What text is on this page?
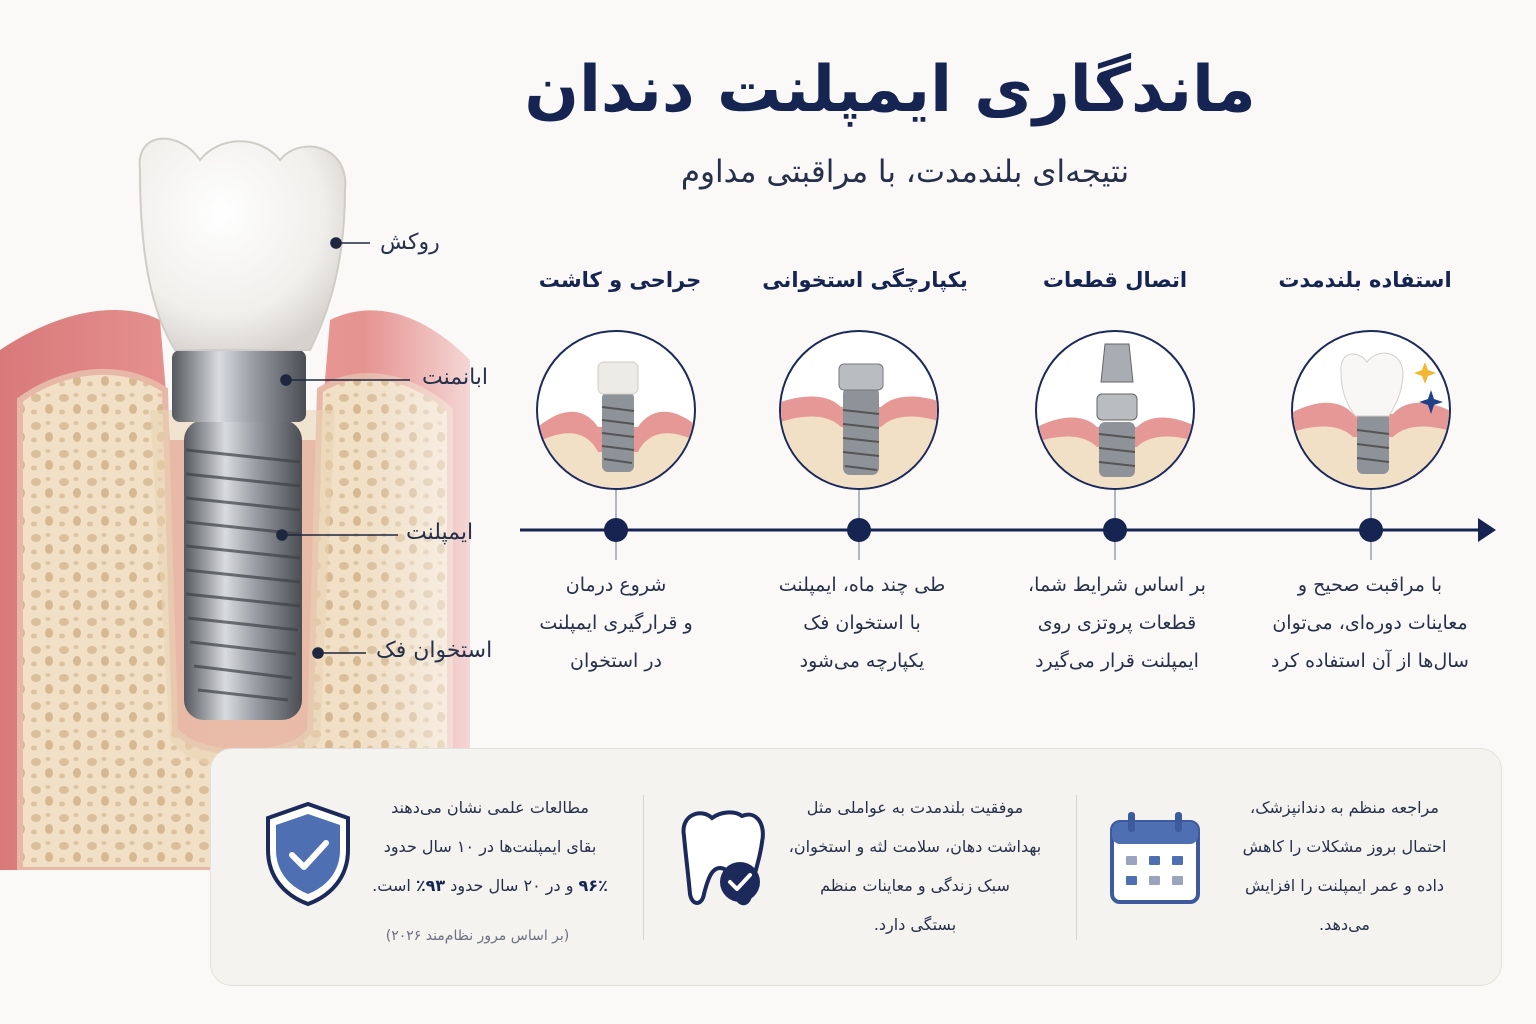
روکش
ابانمنت
ایمپلنت
استخوان فک
ماندگاری ایمپلنت دندان
نتیجه‌ای بلندمدت، با مراقبتی مداوم
جراحی و کاشت	یکپارچگی استخوانی	اتصال قطعات	استفاده بلندمدت
شروع درمان
و قرارگیری ایمپلنت
در استخوان
طی چند ماه، ایمپلنت
با استخوان فک
یکپارچه می‌شود
بر اساس شرایط شما،
قطعات پروتزی روی
ایمپلنت قرار می‌گیرد
با مراقبت صحیح و
معاینات دوره‌ای، می‌توان
سال‌ها از آن استفاده کرد
مطالعات علمی نشان می‌دهند
بقای ایمپلنت‌ها در ۱۰ سال حدود
۹۶٪ و در ۲۰ سال حدود ۹۳٪ است.
(بر اساس مرور نظام‌مند ۲۰۲۶)
موفقیت بلندمدت به عواملی مثل
بهداشت دهان، سلامت لثه و استخوان،
سبک زندگی و معاینات منظم
بستگی دارد.
مراجعه منظم به دندانپزشک،
احتمال بروز مشکلات را کاهش
داده و عمر ایمپلنت را افزایش
می‌دهد.
